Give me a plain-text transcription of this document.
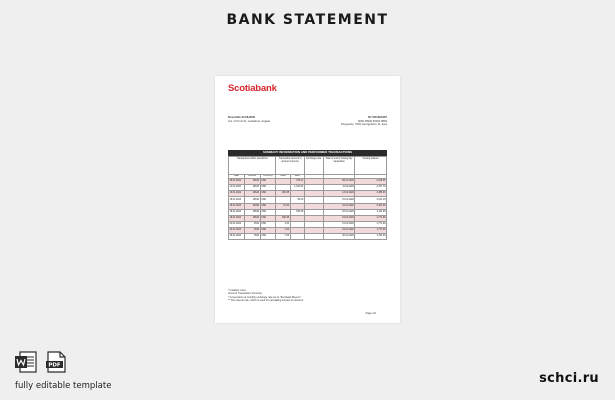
BANK STATEMENT
Scotiabank
Nova Ellis 02.08.2002
Cor. of Front St. Lachalmer, Angela
NY 60/1/E/1967
0000 46946 60000 9800
Perguanto, 7526 Georgetown, Fl. area
SUMMARY INFORMATION AND PERFORMED TRANSACTIONS
Transactions within operations			Transaction amount in account currency		Exchange rate	Date of end of closing day transaction	Closing balance
Date	Amount	Currency	credit	debit			
09.01.2022	10640	USD		275.41		09.01.2022	2,245.05
11.01.2022	10640	USD		1,181.62		11.01.2022	2,157.79
13.01.2022	10640	USD	180.38			13.01.2022	2,385.03
15.01.2022	10540	USD		50.00		15.01.2022	2,011.19
16.01.2022	10490	USD	51.00			16.01.2022	2,451.09
18.01.2022	10640	USD		180.38		18.01.2022	2,111.08
19.01.2022	10640	USD	180.38			19.01.2022	1,771.09
21.01.2022	1540	USD	1.00			21.01.2022	1,771.09
24.01.2022	1540	USD	1.00			24.01.2022	1,771.09
30.01.2022	1540	USD	7.06			30.01.2022	1,792.09
* Imitation notes
Account Transaction Summary
* Conversions at monthly exchange rate set to "Eurobank Buyers"
** The interest rate, which is used for calculating interest on account
Page 1/1
PDF
fully editable template	schci.ru
